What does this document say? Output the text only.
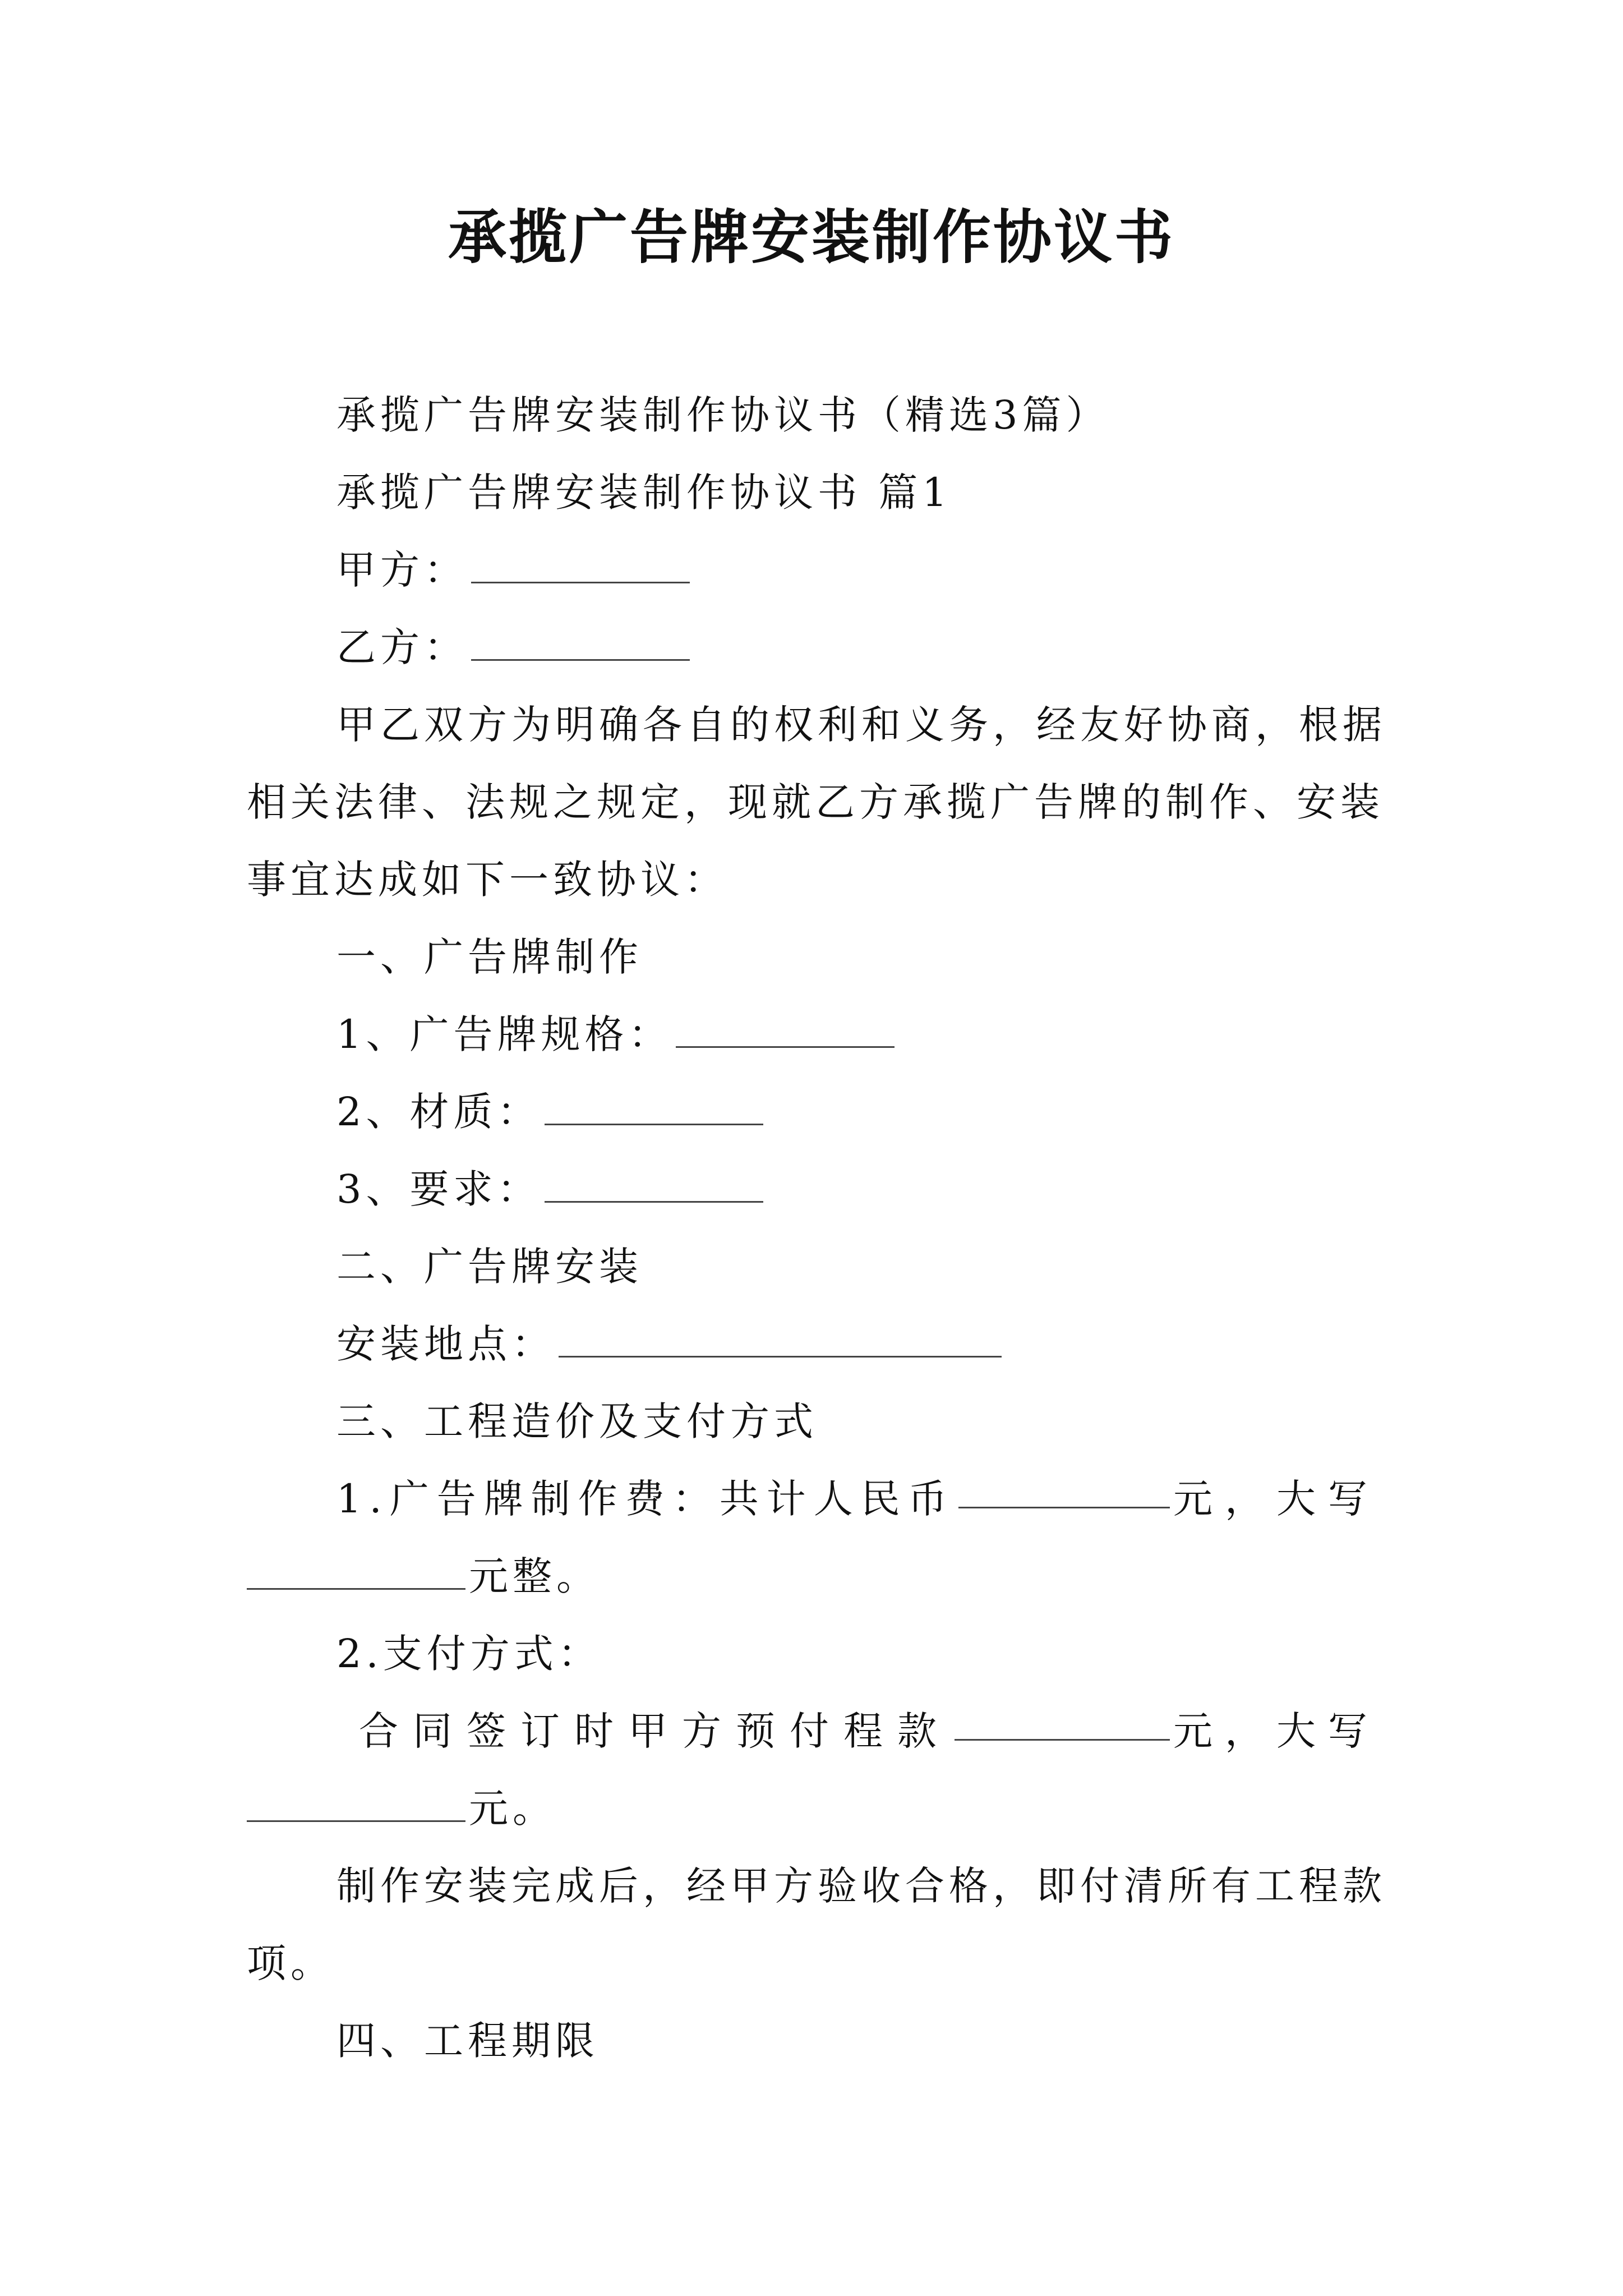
承揽广告牌安装制作协议书
承揽广告牌安装制作协议书（精选3篇）
承揽广告牌安装制作协议书 篇1
甲方：
乙方：
甲乙双方为明确各自的权利和义务，经友好协商，根据
相关法律、法规之规定，现就乙方承揽广告牌的制作、安装
事宜达成如下一致协议：
一、广告牌制作
1、广告牌规格：
2、材质：
3、要求：
二、广告牌安装
安装地点：
三、工程造价及支付方式
1.广告牌制作费：共计人民币	元，大写
元整。
2.支付方式：
合同签订时甲方预付程款	元，大写
元。
制作安装完成后，经甲方验收合格，即付清所有工程款
项。
四、工程期限
